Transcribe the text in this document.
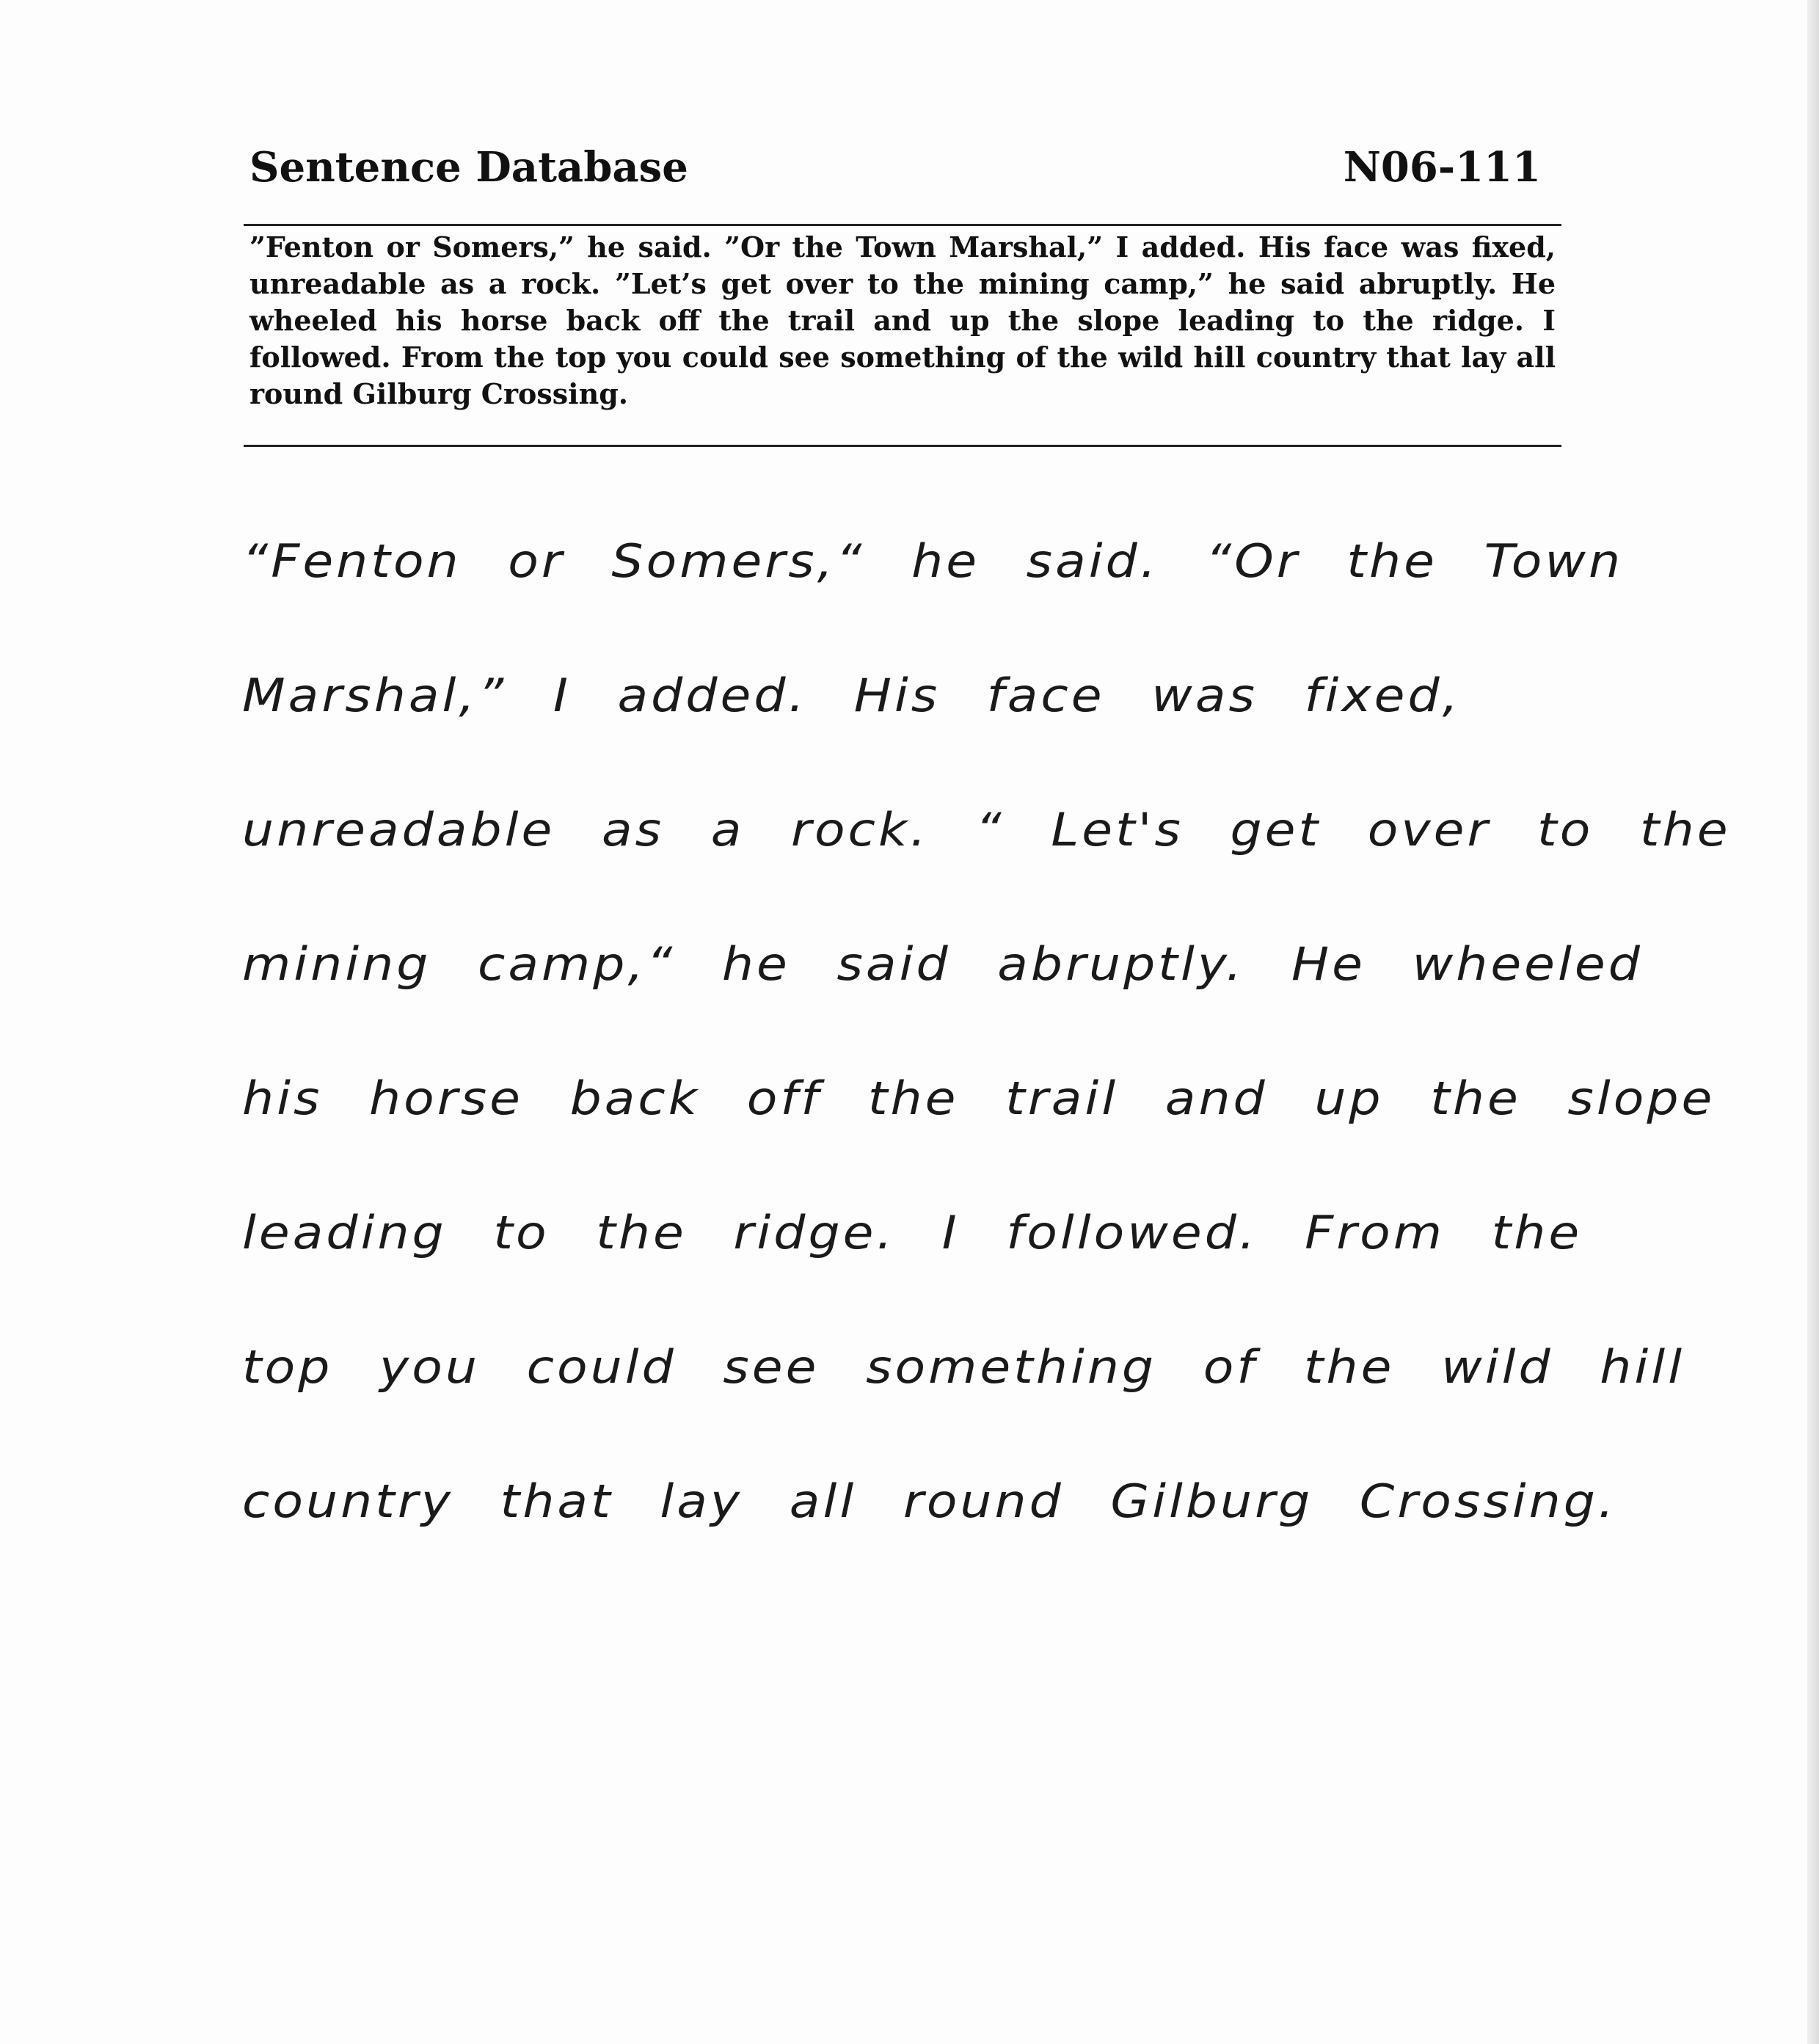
Sentence Database	N06-111
”Fenton or Somers,” he said. ”Or the Town Marshal,” I added. His face was fixed, unreadable as a rock. ”Let’s get over to the mining camp,” he said abruptly. He wheeled his horse back off the trail and up the slope leading to the ridge. I followed. From the top you could see something of the wild hill country that lay all round Gilburg Crossing.
“Fenton or Somers,“ he said. “Or the Town
Marshal,” I added. His face was fixed,
unreadable as a rock. “ Let's get over to the
mining camp,“ he said abruptly. He wheeled
his horse back off the trail and up the slope
leading to the ridge. I followed. From the
top you could see something of the wild hill
country that lay all round Gilburg Crossing.
